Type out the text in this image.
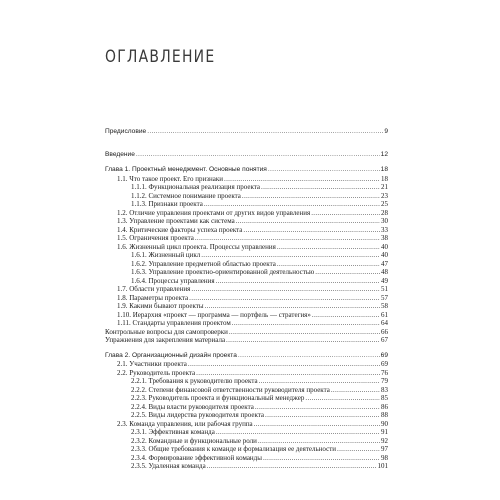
ОГЛАВЛЕНИЕ
Предисловие .....	9
Введение .....	12
Глава 1. Проектный менеджмент. Основные понятия .....	18
1.1. Что такое проект. Его признаки .....	18
1.1.1. Функциональная реализация проекта .....	21
1.1.2. Системное понимание проекта .....	23
1.1.3. Признаки проекта .....	25
1.2. Отличие управления проектами от других видов управления .....	28
1.3. Управление проектами как система .....	30
1.4. Критические факторы успеха проекта .....	33
1.5. Ограничения проекта .....	38
1.6. Жизненный цикл проекта. Процессы управления .....	40
1.6.1. Жизненный цикл .....	40
1.6.2. Управление предметной областью проекта .....	47
1.6.3. Управление проектно-ориентированной деятельностью .....	48
1.6.4. Процессы управления .....	49
1.7. Области управления .....	51
1.8. Параметры проекта .....	57
1.9. Какими бывают проекты .....	58
1.10. Иерархия «проект — программа — портфель — стратегия» .....	61
1.11. Стандарты управления проектом .....	64
Контрольные вопросы для самопроверки .....	66
Упражнения для закрепления материала .....	67
Глава 2. Организационный дизайн проекта .....	69
2.1. Участники проекта .....	69
2.2. Руководитель проекта .....	76
2.2.1. Требования к руководителю проекта .....	79
2.2.2. Степени финансовой ответственности руководителя проекта .....	83
2.2.3. Руководитель проекта и функциональный менеджер .....	85
2.2.4. Виды власти руководителя проекта .....	86
2.2.5. Виды лидерства руководителя проекта .....	88
2.3. Команда управления, или рабочая группа .....	90
2.3.1. Эффективная команда .....	91
2.3.2. Командные и функциональные роли .....	92
2.3.3. Общие требования к команде и формализация ее деятельности .....	97
2.3.4. Формирование эффективной команды .....	98
2.3.5. Удаленная команда .....	101
